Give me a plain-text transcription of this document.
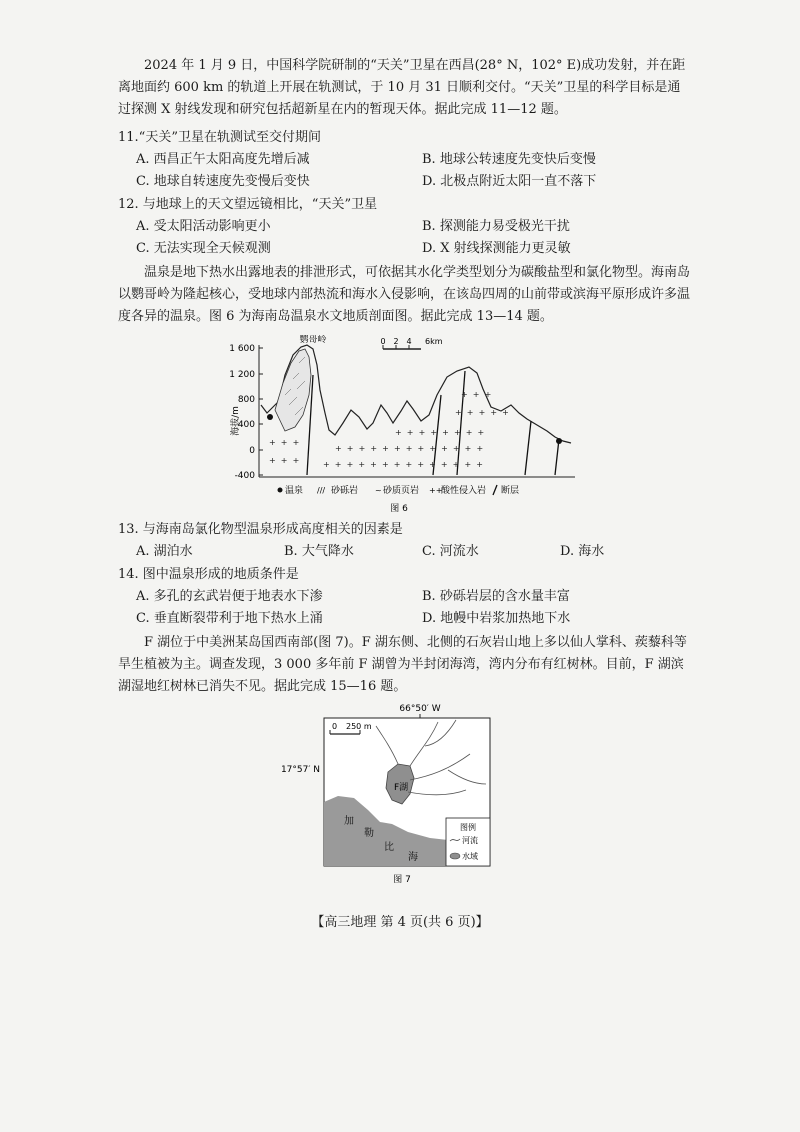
2024 年 1 月 9 日，中国科学院研制的“天关”卫星在西昌(28° N，102° E)成功发射，并在距离地面约 600 km 的轨道上开展在轨测试，于 10 月 31 日顺利交付。“天关”卫星的科学目标是通过探测 X 射线发现和研究包括超新星在内的暂现天体。据此完成 11—12 题。

11.“天关”卫星在轨测试至交付期间

A. 西昌正午太阳高度先增后减	B. 地球公转速度先变快后变慢
C. 地球自转速度先变慢后变快	D. 北极点附近太阳一直不落下

12. 与地球上的天文望远镜相比，“天关”卫星

A. 受太阳活动影响更小	B. 探测能力易受极光干扰
C. 无法实现全天候观测	D. X 射线探测能力更灵敏

温泉是地下热水出露地表的排泄形式，可依据其水化学类型划分为碳酸盐型和氯化物型。海南岛以鹦哥岭为隆起核心，受地球内部热流和海水入侵影响，在该岛四周的山前带或滨海平原形成许多温度各异的温泉。图 6 为海南岛温泉水文地质剖面图。据此完成 13—14 题。

鹦哥岭
海拔/m
1 600
1 200
800
400
0
-400
+  +  +  +  +  +  +  +  +  +  +  +  +
+  +  +  +  +  +  +  +  +  +  +  +  +  +
+  +  +  +  +  +  +  +
+  +  +
+  +  +  +  +
+  +  +
+  +  +
0 2 4 6km
温泉 /// 砂砾岩 ~ 砂质页岩 ++
酸性侵入岩 断层
图 6

13. 与海南岛氯化物型温泉形成高度相关的因素是

A. 湖泊水	B. 大气降水	C. 河流水	D. 海水

14. 图中温泉形成的地质条件是

A. 多孔的玄武岩便于地表水下渗	B. 砂砾岩层的含水量丰富
C. 垂直断裂带利于地下热水上涌	D. 地幔中岩浆加热地下水

F 湖位于中美洲某岛国西南部(图 7)。F 湖东侧、北侧的石灰岩山地上多以仙人掌科、蒺藜科等旱生植被为主。调查发现，3 000 多年前 F 湖曾为半封闭海湾，湾内分布有红树林。目前，F 湖滨湖湿地红树林已消失不见。据此完成 15—16 题。

66°50′ W
17°57′ N
0 250 m
F湖
加
勒
比
海
图例
河流
水域
图 7
【高三地理 第 4 页(共 6 页)】
